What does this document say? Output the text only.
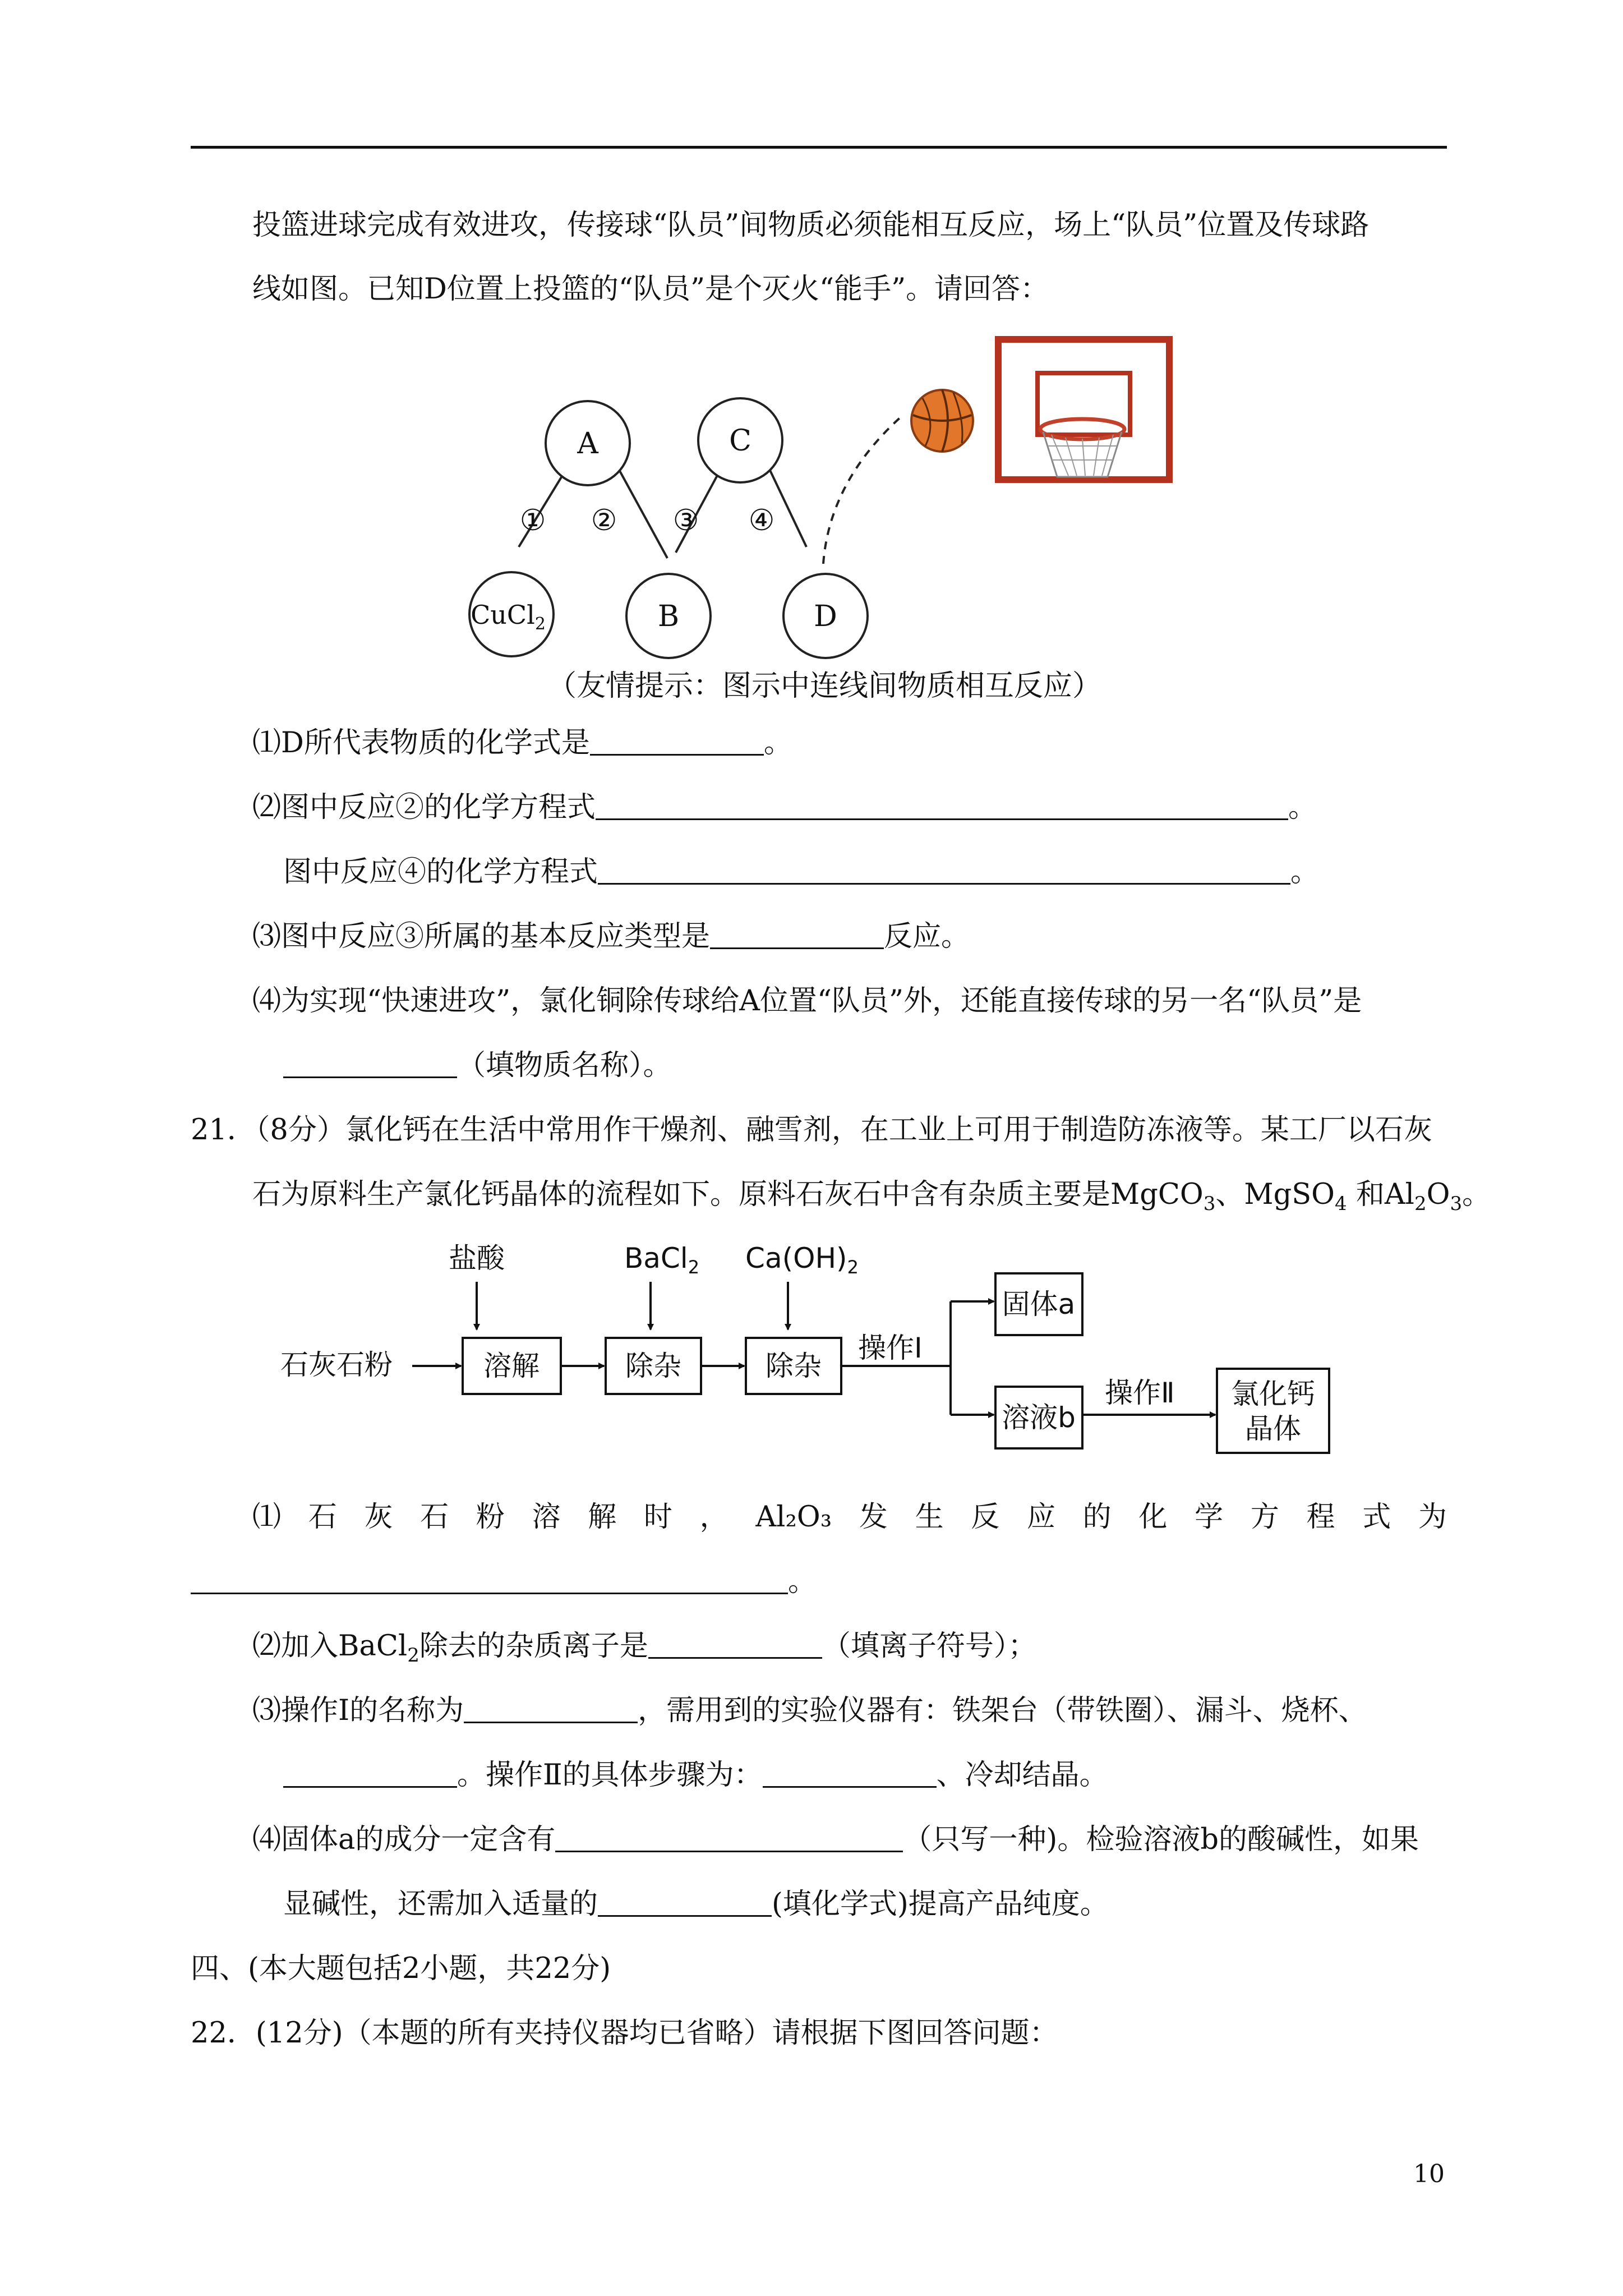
投篮进球完成有效进攻，传接球“队员”间物质必须能相互反应，场上“队员”位置及传球路
线如图。已知D位置上投篮的“队员”是个灭火“能手”。请回答：
A	C
B	D
CuCl$_2$
① ② ③ ④
（友情提示：图示中连线间物质相互反应）
⑴D所代表物质的化学式是	。
⑵图中反应②的化学方程式	。
图中反应④的化学方程式	。
⑶图中反应③所属的基本反应类型是	反应。
⑷为实现“快速进攻”，氯化铜除传球给A位置“队员”外，还能直接传球的另一名“队员”是
（填物质名称）。
21．（8分）氯化钙在生活中常用作干燥剂、融雪剂，在工业上可用于制造防冻液等。某工厂以石灰
石为原料生产氯化钙晶体的流程如下。原料石灰石中含有杂质主要是MgCO$_3$、MgSO$_4$ 和$Al_2O_3$。
盐酸	BaCl$_2$ $Ca(OH)_2$
石灰石粉
操作Ⅰ
操作Ⅱ
溶解	除杂	除杂
固体a
溶液b
氯化钙
晶体
⑴ 石 灰 石 粉 溶 解 时 ， Al₂O₃ 发 生 反 应 的 化 学 方 程 式 为
。
⑵加入BaCl$_2$除去的杂质离子是	（填离子符号）；
⑶操作Ⅰ的名称为	，需用到的实验仪器有：铁架台（带铁圈）、漏斗、烧杯、
。操作Ⅱ的具体步骤为：	、冷却结晶。
⑷固体a的成分一定含有	（只写一种)。检验溶液b的酸碱性，如果
显碱性，还需加入适量的	(填化学式)提高产品纯度。
四、(本大题包括2小题，共22分)
22．(12分)（本题的所有夹持仪器均已省略）请根据下图回答问题：
10
